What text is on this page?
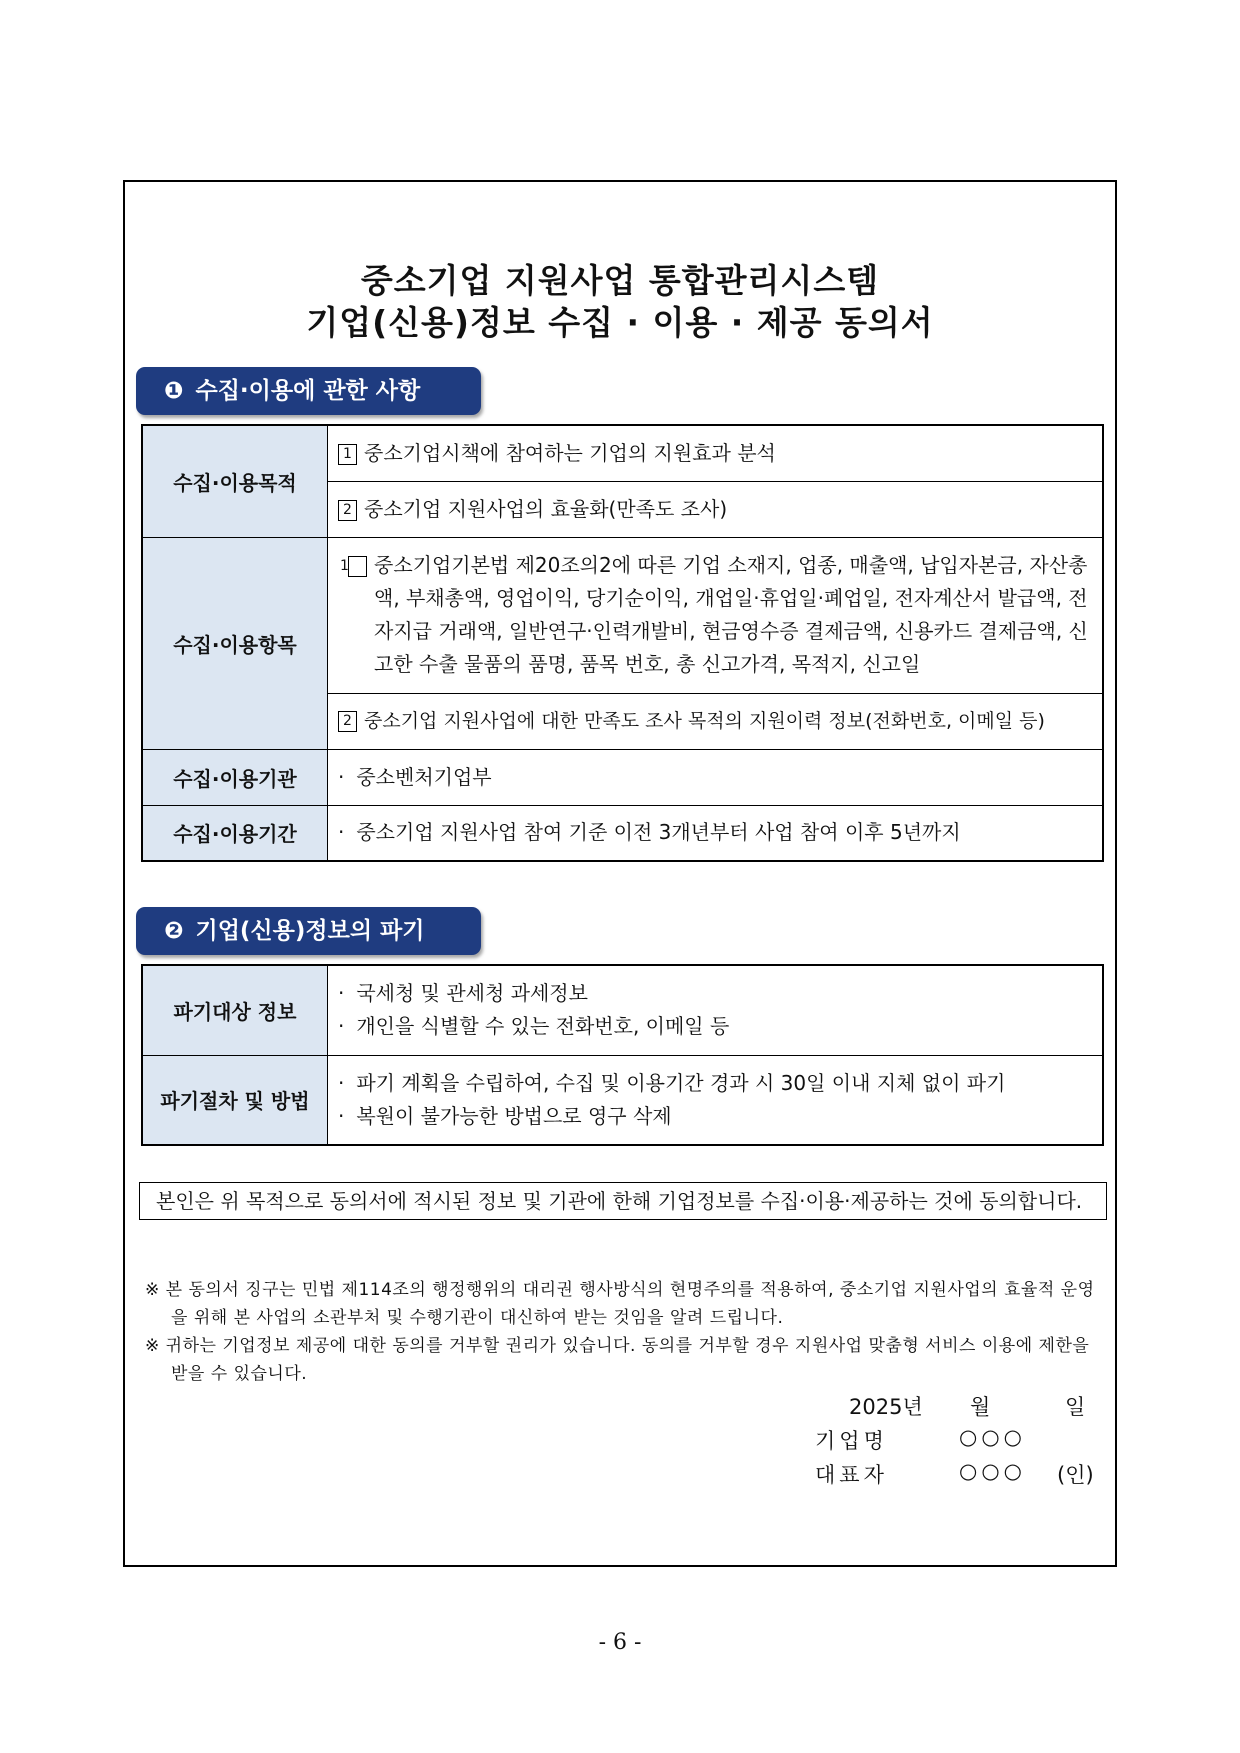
중소기업 지원사업 통합관리시스템
기업(신용)정보 수집 · 이용 · 제공 동의서
❶ 수집·이용에 관한 사항
수집·이용목적	1 중소기업시책에 참여하는 기업의 지원효과 분석
	2 중소기업 지원사업의 효율화(만족도 조사)
수집·이용항목	1 중소기업기본법 제20조의2에 따른 기업 소재지, 업종, 매출액, 납입자본금, 자산총액, 부채총액, 영업이익, 당기순이익, 개업일·휴업일·폐업일, 전자계산서 발급액, 전자지급 거래액, 일반연구·인력개발비, 현금영수증 결제금액, 신용카드 결제금액, 신고한 수출 물품의 품명, 품목 번호, 총 신고가격, 목적지, 신고일

	2 중소기업 지원사업에 대한 만족도 조사 목적의 지원이력 정보(전화번호, 이메일 등)
수집·이용기관	· 중소벤처기업부
수집·이용기간	· 중소기업 지원사업 참여 기준 이전 3개년부터 사업 참여 이후 5년까지
❷ 기업(신용)정보의 파기
파기대상 정보	· 국세청 및 관세청 과세정보
· 개인을 식별할 수 있는 전화번호, 이메일 등

파기절차 및 방법	· 파기 계획을 수립하여, 수집 및 이용기간 경과 시 30일 이내 지체 없이 파기
· 복원이 불가능한 방법으로 영구 삭제
본인은 위 목적으로 동의서에 적시된 정보 및 기관에 한해 기업정보를 수집·이용·제공하는 것에 동의합니다.
※ 본 동의서 징구는 민법 제114조의 행정행위의 대리권 행사방식의 현명주의를 적용하여, 중소기업 지원사업의 효율적 운영을 위해 본 사업의 소관부처 및 수행기관이 대신하여 받는 것임을 알려 드립니다.
※ 귀하는 기업정보 제공에 대한 동의를 거부할 권리가 있습니다. 동의를 거부할 경우 지원사업 맞춤형 서비스 이용에 제한을 받을 수 있습니다.
2025년 월	일
기업명	○○○
대표자	○○○ (인)
- 6 -
